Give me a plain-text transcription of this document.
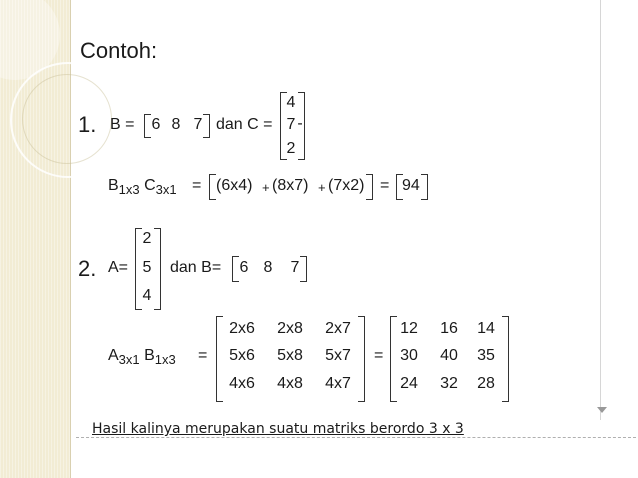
Contoh:
1. B = 6 8 7 dan C =
4
7 -
2
$B_{1x3}$ $C_{3x1} = (6x4) + (8x7) + (7x2) = 94$
2. A=
2
5
4
dan B= 6 8 7
$A_{3x1}$ $B_{1x3}$ =
2x6	2x8	2x7
5x6	5x8	5x7
4x6	4x8	4x7
=
12 16 14
30 40 35
24 32 28
Hasil kalinya merupakan suatu matriks berordo 3 x 3
